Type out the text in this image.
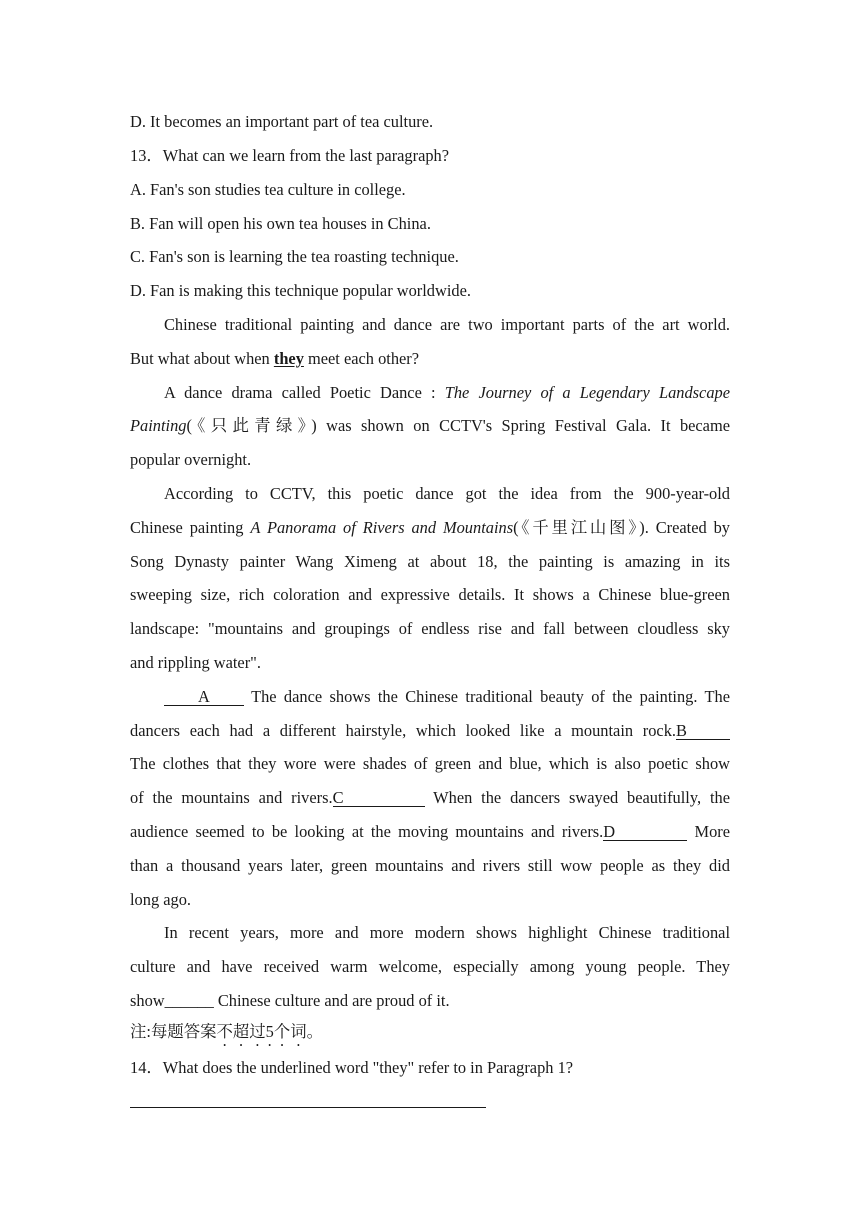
D. It becomes an important part of tea culture.
13．What can we learn from the last paragraph?
A. Fan's son studies tea culture in college.
B. Fan will open his own tea houses in China.
C. Fan's son is learning the tea roasting technique.
D. Fan is making this technique popular worldwide.
Chinese traditional painting and dance are two important parts of the art world.
But what about when they meet each other?
A dance drama called Poetic Dance : The Journey of a Legendary Landscape
Painting(《只此青绿》) was shown on CCTV's Spring Festival Gala. It became
popular overnight.
According to CCTV, this poetic dance got the idea from the 900-year-old
Chinese painting A Panorama of Rivers and Mountains(《千里江山图》). Created by
Song Dynasty painter Wang Ximeng at about 18, the painting is amazing in its
sweeping size, rich coloration and expressive details. It shows a Chinese blue-green
landscape: "mountains and groupings of endless rise and fall between cloudless sky
and rippling water".
A The dance shows the Chinese traditional beauty of the painting. The
dancers each had a different hairstyle, which looked like a mountain rock.B
The clothes that they wore were shades of green and blue, which is also poetic show
of the mountains and rivers.C	When the dancers swayed beautifully, the
audience seemed to be looking at the moving mountains and rivers.D	More
than a thousand years later, green mountains and rivers still wow people as they did
long ago.
In recent years, more and more modern shows highlight Chinese traditional
culture and have received warm welcome, especially among young people. They
show______ Chinese culture and are proud of it.
注:每题答案不超过5个词。
14．What does the underlined word "they" refer to in Paragraph 1?
